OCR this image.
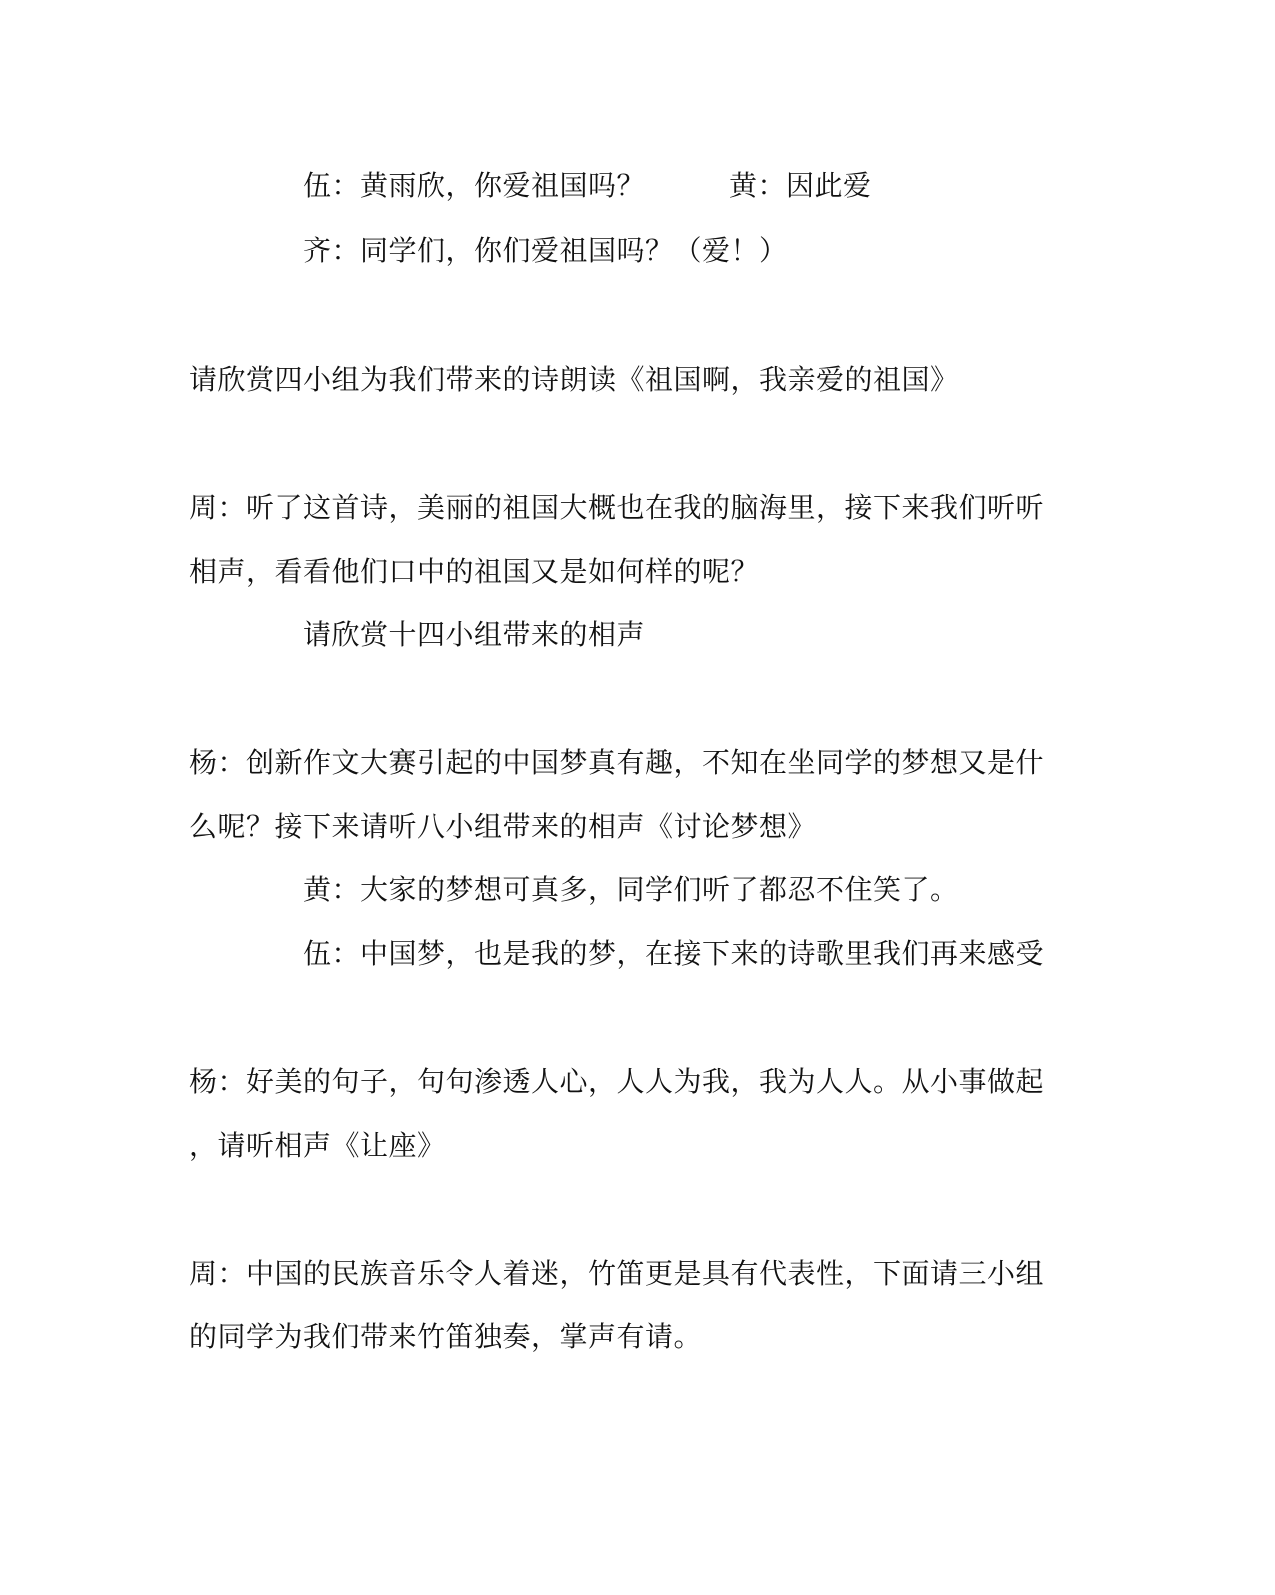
伍：黄雨欣，你爱祖国吗？	黄：因此爱
齐：同学们，你们爱祖国吗？（爱！）
请欣赏四小组为我们带来的诗朗读《祖国啊，我亲爱的祖国》
周：听了这首诗，美丽的祖国大概也在我的脑海里，接下来我们听听
相声，看看他们口中的祖国又是如何样的呢？
请欣赏十四小组带来的相声
杨：创新作文大赛引起的中国梦真有趣，不知在坐同学的梦想又是什
么呢？接下来请听八小组带来的相声《讨论梦想》
黄：大家的梦想可真多，同学们听了都忍不住笑了。
伍：中国梦，也是我的梦，在接下来的诗歌里我们再来感受
杨：好美的句子，句句渗透人心，人人为我，我为人人。从小事做起
，请听相声《让座》
周：中国的民族音乐令人着迷，竹笛更是具有代表性，下面请三小组
的同学为我们带来竹笛独奏，掌声有请。
